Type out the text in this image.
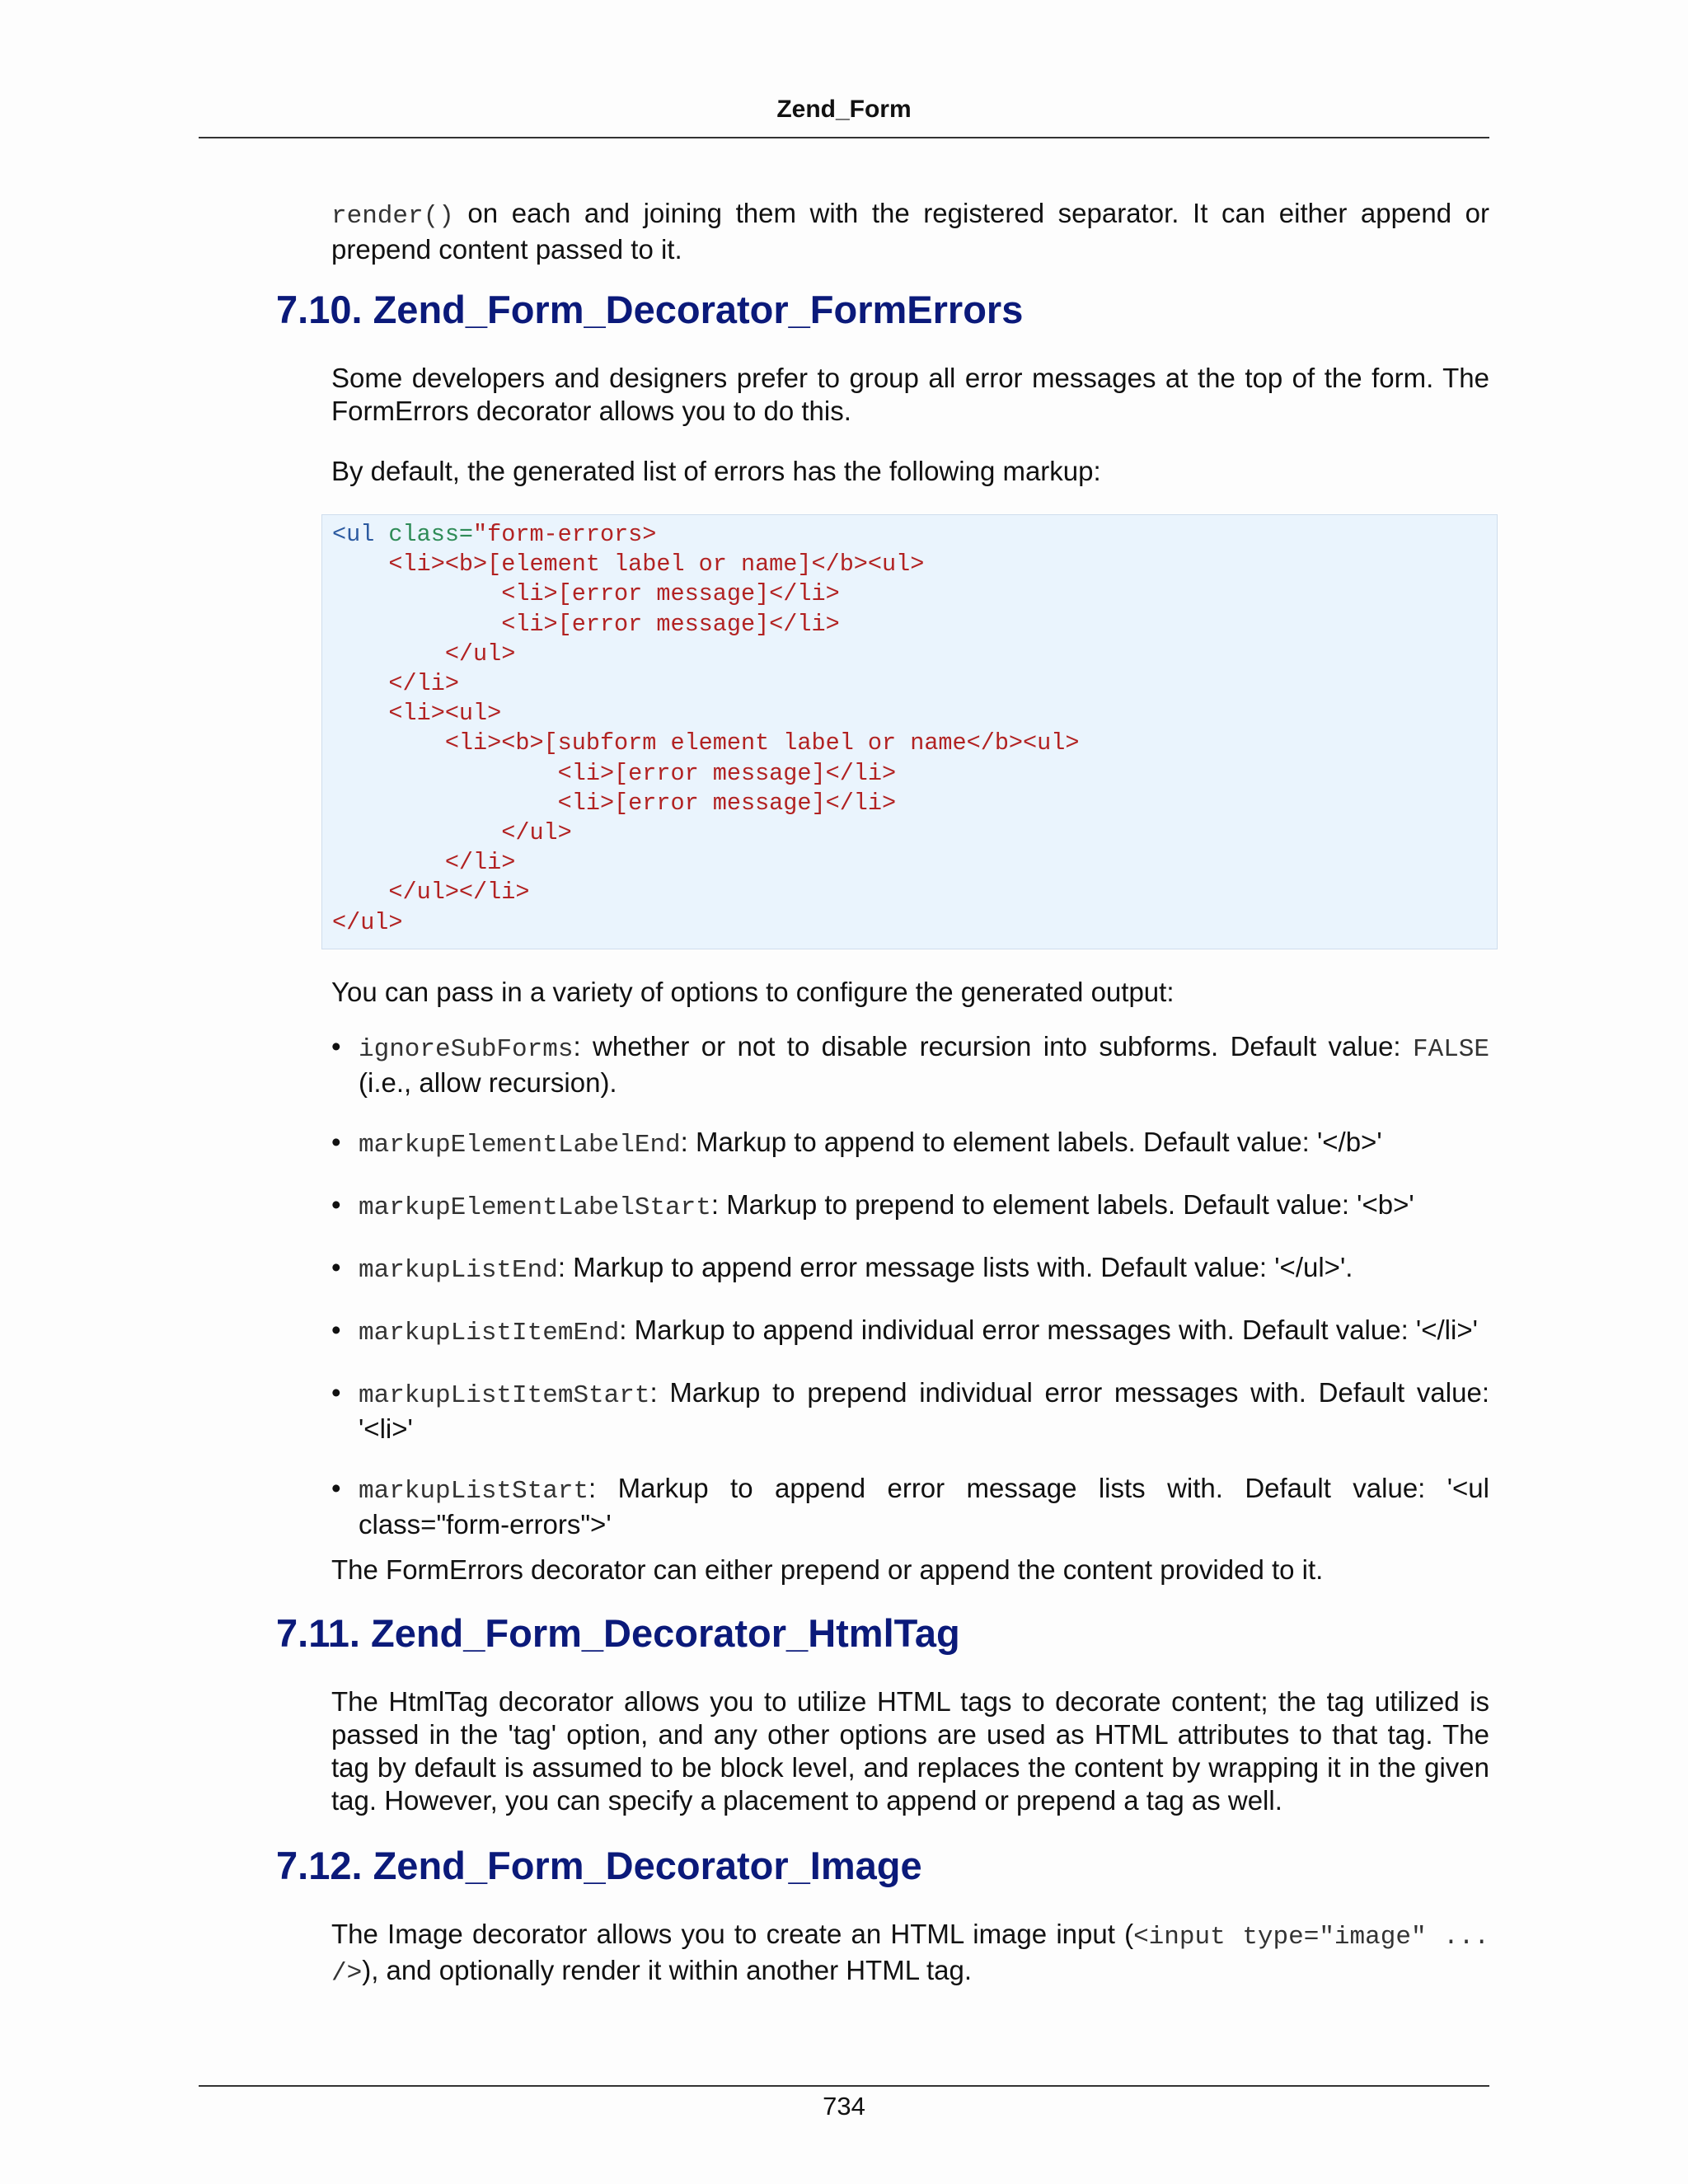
Zend_Form

render() on each and joining them with the registered separator. It can either append or prepend content passed to it.

7.10. Zend_Form_Decorator_FormErrors

Some developers and designers prefer to group all error messages at the top of the form. The FormErrors decorator allows you to do this.

By default, the generated list of errors has the following markup:

<ul class="form-errors>
<li><b>[element label or name]</b><ul>
<li>[error message]</li>
<li>[error message]</li>
</ul>
</li>
<li><ul>
<li><b>[subform element label or name</b><ul>
<li>[error message]</li>
<li>[error message]</li>
</ul>
</li>
</ul></li>
</ul>

You can pass in a variety of options to configure the generated output:

• ignoreSubForms: whether or not to disable recursion into subforms. Default value: FALSE (i.e., allow recursion).
• markupElementLabelEnd: Markup to append to element labels. Default value: '</b>'
• markupElementLabelStart: Markup to prepend to element labels. Default value: '<b>'
• markupListEnd: Markup to append error message lists with. Default value: '</ul>'.
• markupListItemEnd: Markup to append individual error messages with. Default value: '</li>'
• markupListItemStart: Markup to prepend individual error messages with. Default value: '<li>'
• markupListStart: Markup to append error message lists with. Default value: '<ul class="form-errors">'

The FormErrors decorator can either prepend or append the content provided to it.

7.11. Zend_Form_Decorator_HtmlTag

The HtmlTag decorator allows you to utilize HTML tags to decorate content; the tag utilized is passed in the 'tag' option, and any other options are used as HTML attributes to that tag. The tag by default is assumed to be block level, and replaces the content by wrapping it in the given tag. However, you can specify a placement to append or prepend a tag as well.

7.12. Zend_Form_Decorator_Image

The Image decorator allows you to create an HTML image input (<input type="image" ... />), and optionally render it within another HTML tag.

734
